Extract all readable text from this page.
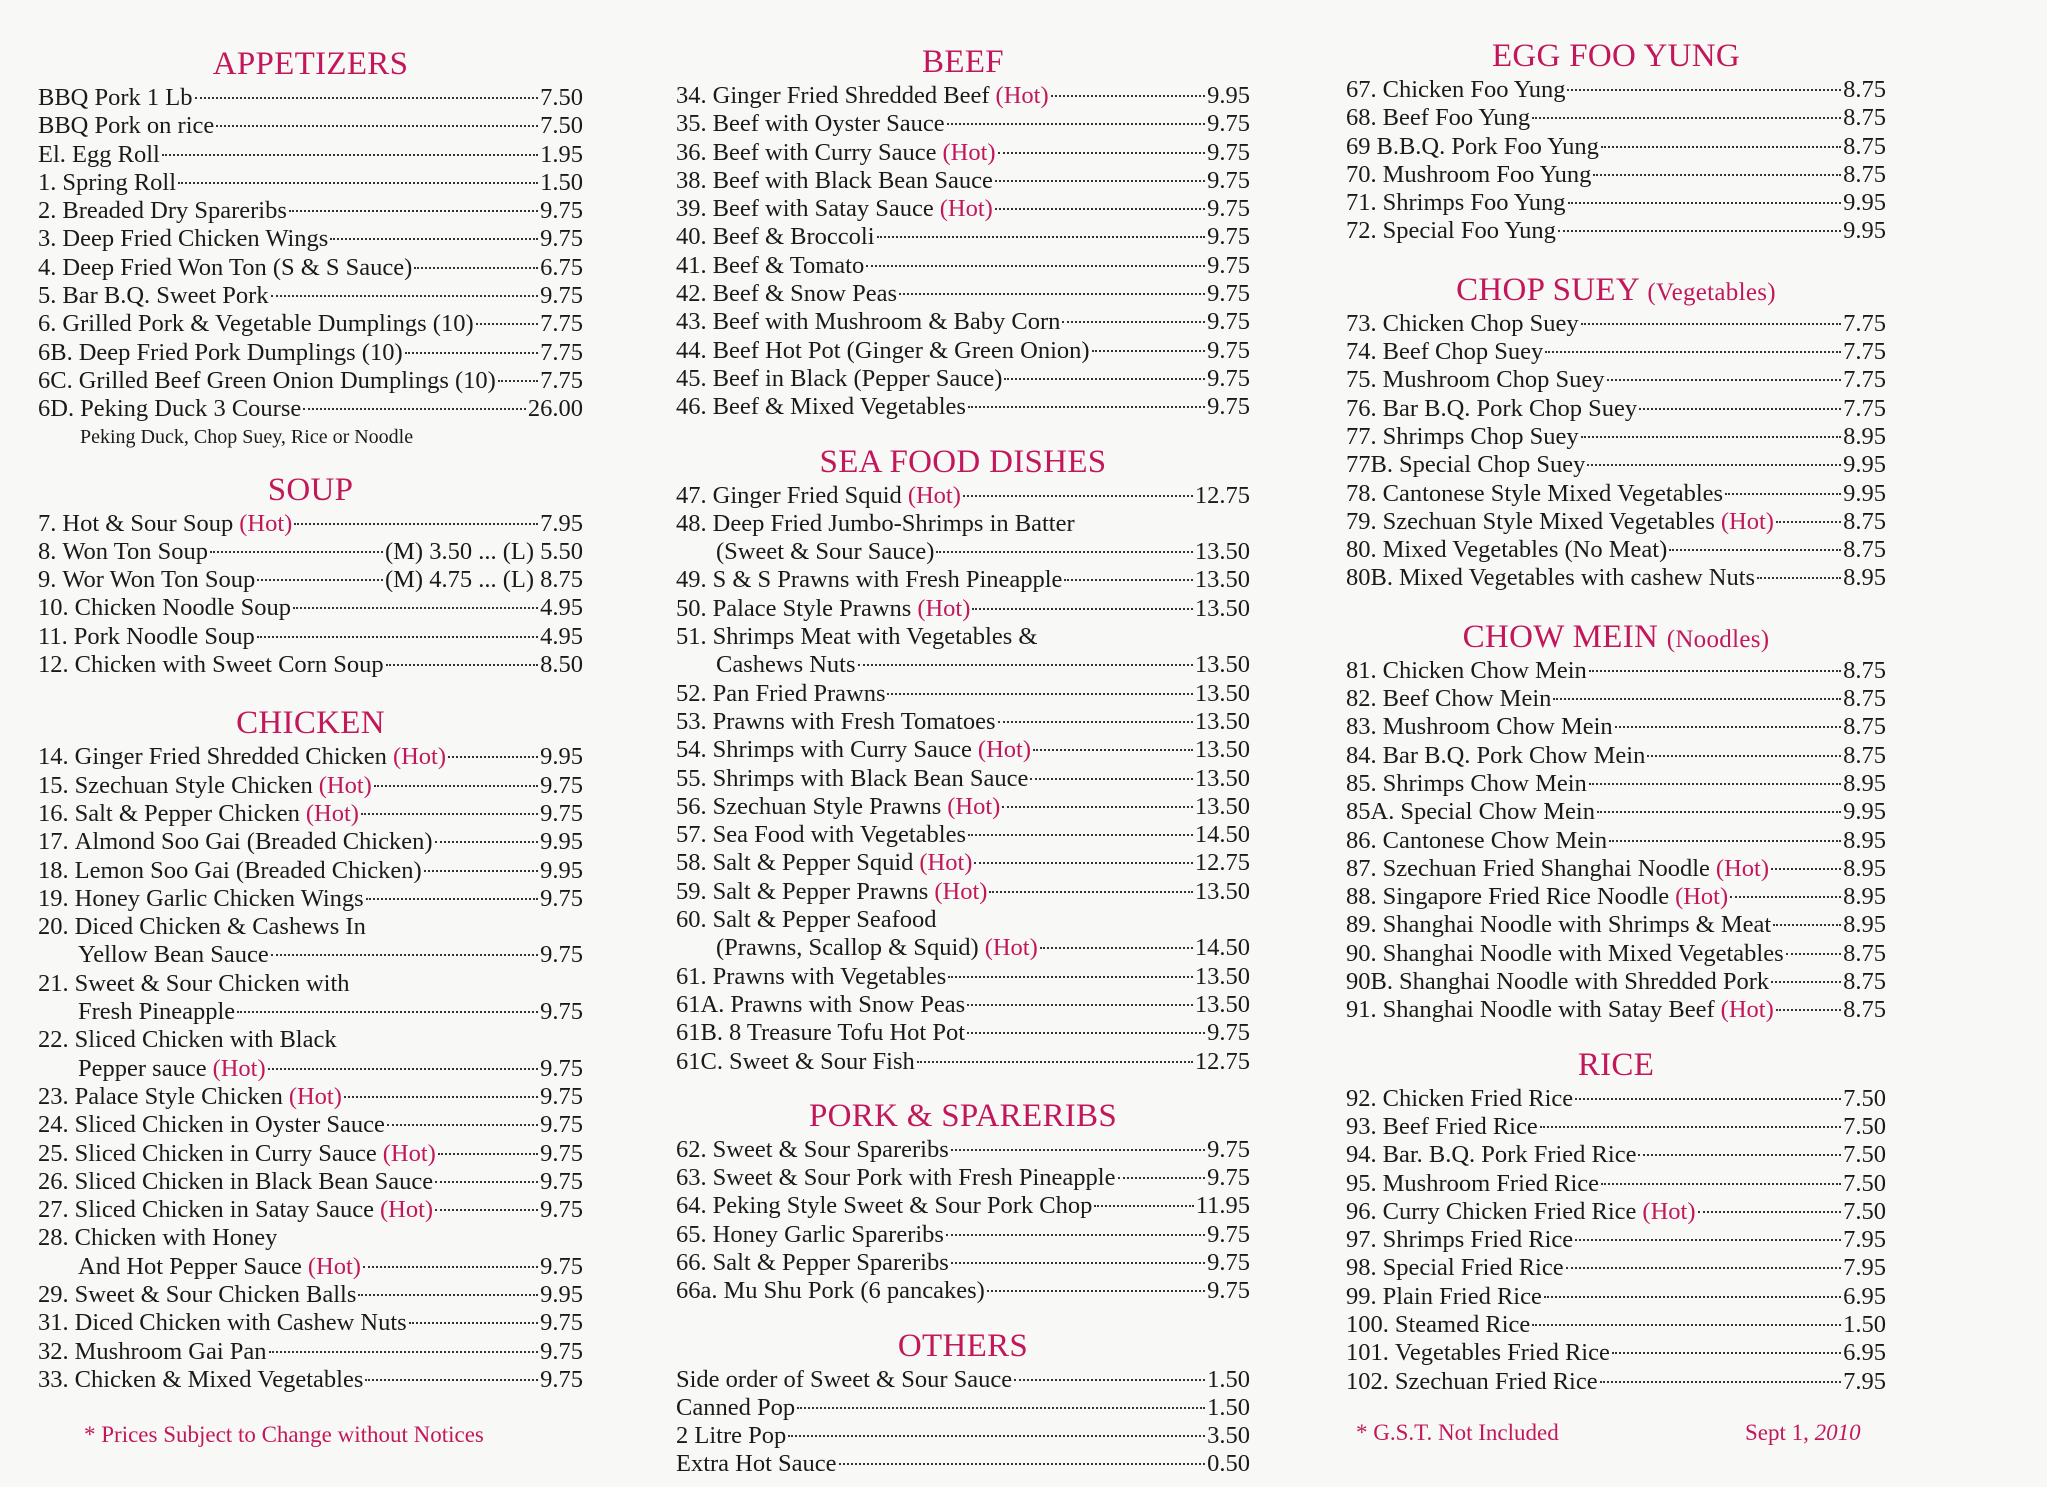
APPETIZERS
BBQ Pork 1 Lb	7.50
BBQ Pork on rice	7.50
El. Egg Roll	1.95
1. Spring Roll	1.50
2. Breaded Dry Spareribs	9.75
3. Deep Fried Chicken Wings	9.75
4. Deep Fried Won Ton (S & S Sauce)	6.75
5. Bar B.Q. Sweet Pork	9.75
6. Grilled Pork & Vegetable Dumplings (10)	7.75
6B. Deep Fried Pork Dumplings (10)	7.75
6C. Grilled Beef Green Onion Dumplings (10) 7.75
6D. Peking Duck 3 Course	26.00
Peking Duck, Chop Suey, Rice or Noodle
SOUP
7. Hot & Sour Soup (Hot)	7.95
8. Won Ton Soup	(M) 3.50 ... (L) 5.50
9. Wor Won Ton Soup	(M) 4.75 ... (L) 8.75
10. Chicken Noodle Soup	4.95
11. Pork Noodle Soup	4.95
12. Chicken with Sweet Corn Soup	8.50
CHICKEN
14. Ginger Fried Shredded Chicken (Hot)	9.95
15. Szechuan Style Chicken (Hot)	9.75
16. Salt & Pepper Chicken (Hot)	9.75
17. Almond Soo Gai (Breaded Chicken)	9.95
18. Lemon Soo Gai (Breaded Chicken)	9.95
19. Honey Garlic Chicken Wings	9.75
20. Diced Chicken & Cashews In
Yellow Bean Sauce	9.75
21. Sweet & Sour Chicken with
Fresh Pineapple	9.75
22. Sliced Chicken with Black
Pepper sauce (Hot)	9.75
23. Palace Style Chicken (Hot)	9.75
24. Sliced Chicken in Oyster Sauce	9.75
25. Sliced Chicken in Curry Sauce (Hot)	9.75
26. Sliced Chicken in Black Bean Sauce	9.75
27. Sliced Chicken in Satay Sauce (Hot)	9.75
28. Chicken with Honey
And Hot Pepper Sauce (Hot)	9.75
29. Sweet & Sour Chicken Balls	9.95
31. Diced Chicken with Cashew Nuts	9.75
32. Mushroom Gai Pan	9.75
33. Chicken & Mixed Vegetables	9.75
BEEF
34. Ginger Fried Shredded Beef (Hot)	9.95
35. Beef with Oyster Sauce	9.75
36. Beef with Curry Sauce (Hot)	9.75
38. Beef with Black Bean Sauce	9.75
39. Beef with Satay Sauce (Hot)	9.75
40. Beef & Broccoli	9.75
41. Beef & Tomato	9.75
42. Beef & Snow Peas	9.75
43. Beef with Mushroom & Baby Corn	9.75
44. Beef Hot Pot (Ginger & Green Onion)	9.75
45. Beef in Black (Pepper Sauce)	9.75
46. Beef & Mixed Vegetables	9.75
SEA FOOD DISHES
47. Ginger Fried Squid (Hot)	12.75
48. Deep Fried Jumbo-Shrimps in Batter
(Sweet & Sour Sauce)	13.50
49. S & S Prawns with Fresh Pineapple	13.50
50. Palace Style Prawns (Hot)	13.50
51. Shrimps Meat with Vegetables &
Cashews Nuts	13.50
52. Pan Fried Prawns	13.50
53. Prawns with Fresh Tomatoes	13.50
54. Shrimps with Curry Sauce (Hot)	13.50
55. Shrimps with Black Bean Sauce	13.50
56. Szechuan Style Prawns (Hot)	13.50
57. Sea Food with Vegetables	14.50
58. Salt & Pepper Squid (Hot)	12.75
59. Salt & Pepper Prawns (Hot)	13.50
60. Salt & Pepper Seafood
(Prawns, Scallop & Squid) (Hot)	14.50
61. Prawns with Vegetables	13.50
61A. Prawns with Snow Peas	13.50
61B. 8 Treasure Tofu Hot Pot	9.75
61C. Sweet & Sour Fish	12.75
PORK & SPARERIBS
62. Sweet & Sour Spareribs	9.75
63. Sweet & Sour Pork with Fresh Pineapple	9.75
64. Peking Style Sweet & Sour Pork Chop	11.95
65. Honey Garlic Spareribs	9.75
66. Salt & Pepper Spareribs	9.75
66a. Mu Shu Pork (6 pancakes)	9.75
OTHERS
Side order of Sweet & Sour Sauce	1.50
Canned Pop	1.50
2 Litre Pop	3.50
Extra Hot Sauce	0.50
EGG FOO YUNG
67. Chicken Foo Yung	8.75
68. Beef Foo Yung	8.75
69 B.B.Q. Pork Foo Yung	8.75
70. Mushroom Foo Yung	8.75
71. Shrimps Foo Yung	9.95
72. Special Foo Yung	9.95
CHOP SUEY (Vegetables)
73. Chicken Chop Suey	7.75
74. Beef Chop Suey	7.75
75. Mushroom Chop Suey	7.75
76. Bar B.Q. Pork Chop Suey	7.75
77. Shrimps Chop Suey	8.95
77B. Special Chop Suey	9.95
78. Cantonese Style Mixed Vegetables	9.95
79. Szechuan Style Mixed Vegetables (Hot)	8.75
80. Mixed Vegetables (No Meat)	8.75
80B. Mixed Vegetables with cashew Nuts	8.95
CHOW MEIN (Noodles)
81. Chicken Chow Mein	8.75
82. Beef Chow Mein	8.75
83. Mushroom Chow Mein	8.75
84. Bar B.Q. Pork Chow Mein	8.75
85. Shrimps Chow Mein	8.95
85A. Special Chow Mein	9.95
86. Cantonese Chow Mein	8.95
87. Szechuan Fried Shanghai Noodle (Hot)	8.95
88. Singapore Fried Rice Noodle (Hot)	8.95
89. Shanghai Noodle with Shrimps & Meat	8.95
90. Shanghai Noodle with Mixed Vegetables 8.75
90B. Shanghai Noodle with Shredded Pork	8.75
91. Shanghai Noodle with Satay Beef (Hot)	8.75
RICE
92. Chicken Fried Rice	7.50
93. Beef Fried Rice	7.50
94. Bar. B.Q. Pork Fried Rice	7.50
95. Mushroom Fried Rice	7.50
96. Curry Chicken Fried Rice (Hot)	7.50
97. Shrimps Fried Rice	7.95
98. Special Fried Rice	7.95
99. Plain Fried Rice	6.95
100. Steamed Rice	1.50
101. Vegetables Fried Rice	6.95
102. Szechuan Fried Rice	7.95
* Prices Subject to Change without Notices	* G.S.T. Not Included	Sept 1, 2010
